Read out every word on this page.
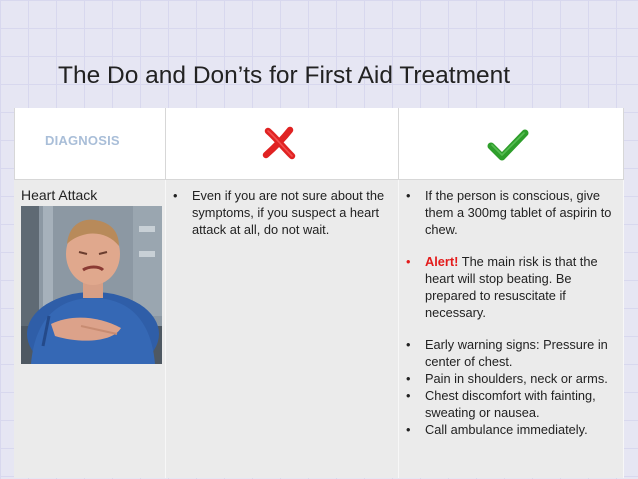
The Do and Don’ts for First Aid Treatment
DIAGNOSIS
Heart Attack
•	Even if you are not sure about the symptoms, if you suspect a heart attack at all, do not wait.
• If the person is conscious, give them a 300mg tablet of aspirin to chew.
• Alert! The main risk is that the heart will stop beating. Be prepared to resuscitate if necessary.
• Early warning signs: Pressure in center of chest.
• Pain in shoulders, neck or arms.
• Chest discomfort with fainting, sweating or nausea.
• Call ambulance immediately.
